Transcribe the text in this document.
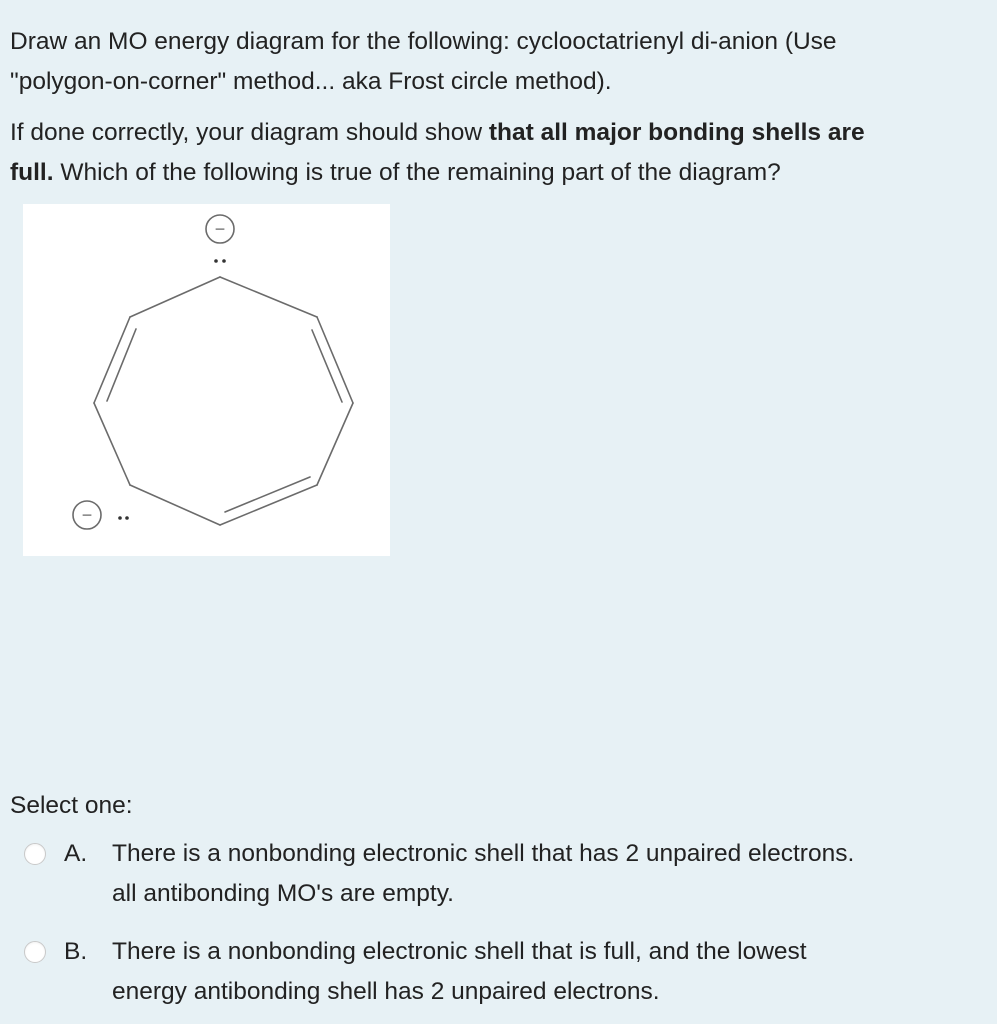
Draw an MO energy diagram for the following: cyclooctatrienyl di-anion (Use
"polygon-on-corner" method... aka Frost circle method).

If done correctly, your diagram should show that all major bonding shells are
full. Which of the following is true of the remaining part of the diagram?

−
−
Select one:
A. There is a nonbonding electronic shell that has 2 unpaired electrons.
all antibonding MO's are empty.
B. There is a nonbonding electronic shell that is full, and the lowest
energy antibonding shell has 2 unpaired electrons.
